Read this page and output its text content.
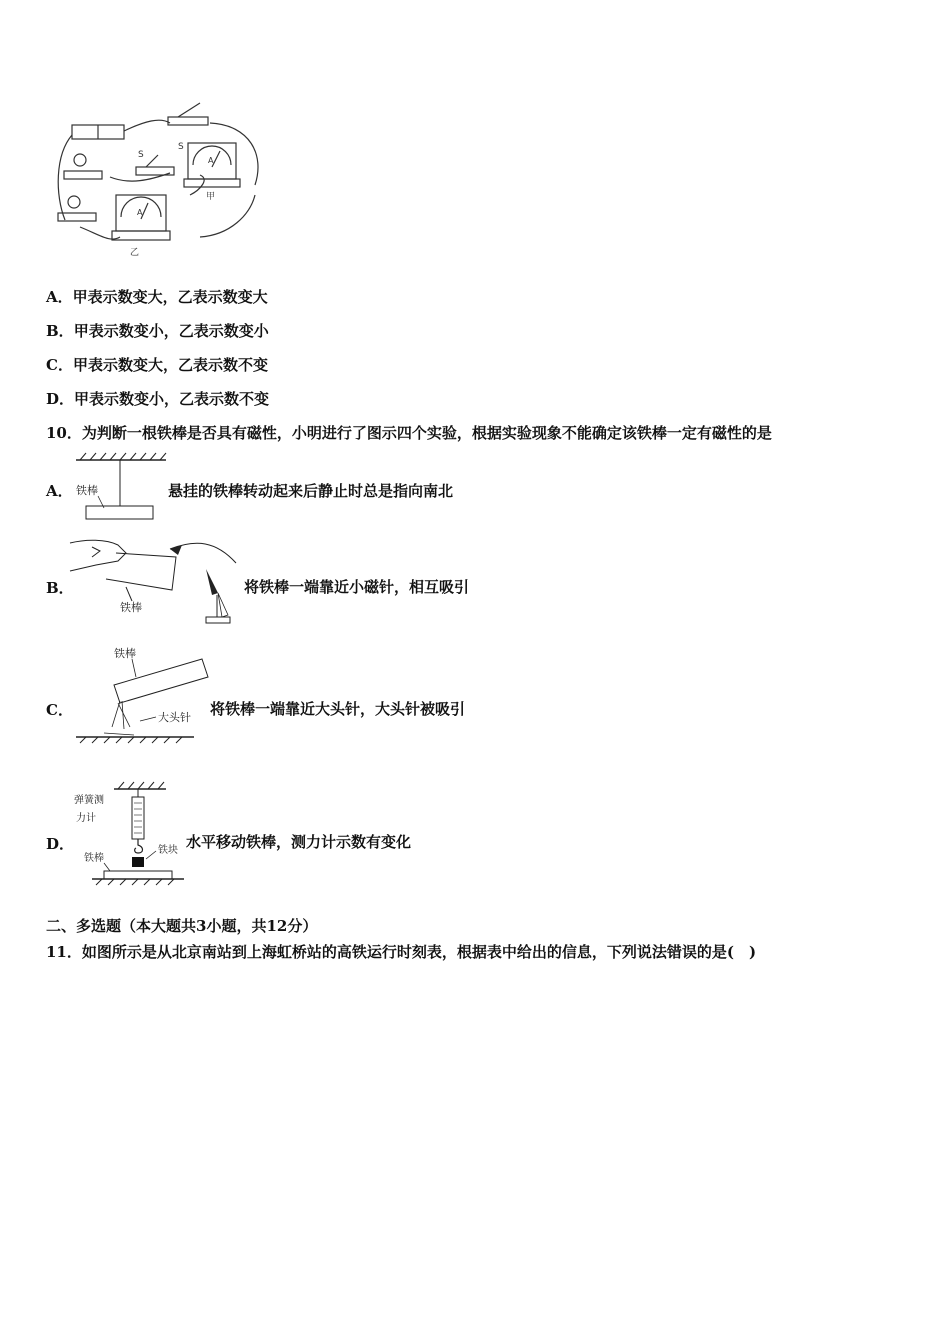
S
S
A
A
甲
乙
A．甲表示数变大，乙表示数变大
B．甲表示数变小，乙表示数变小
C．甲表示数变大，乙表示数不变
D．甲表示数变小，乙表示数不变
10．为判断一根铁棒是否具有磁性，小明进行了图示四个实验，根据实验现象不能确定该铁棒一定有磁性的是
A． 铁棒	悬挂的铁棒转动起来后静止时总是指向南北
B．
铁棒
将铁棒一端靠近小磁针，相互吸引
C．
铁棒
大头针 将铁棒一端靠近大头针，大头针被吸引
D．
弹簧测
力计
铁块
铁棒
水平移动铁棒，测力计示数有变化
二、多选题（本大题共3小题，共12分）
11．如图所示是从北京南站到上海虹桥站的高铁运行时刻表，根据表中给出的信息，下列说法错误的是(　)
